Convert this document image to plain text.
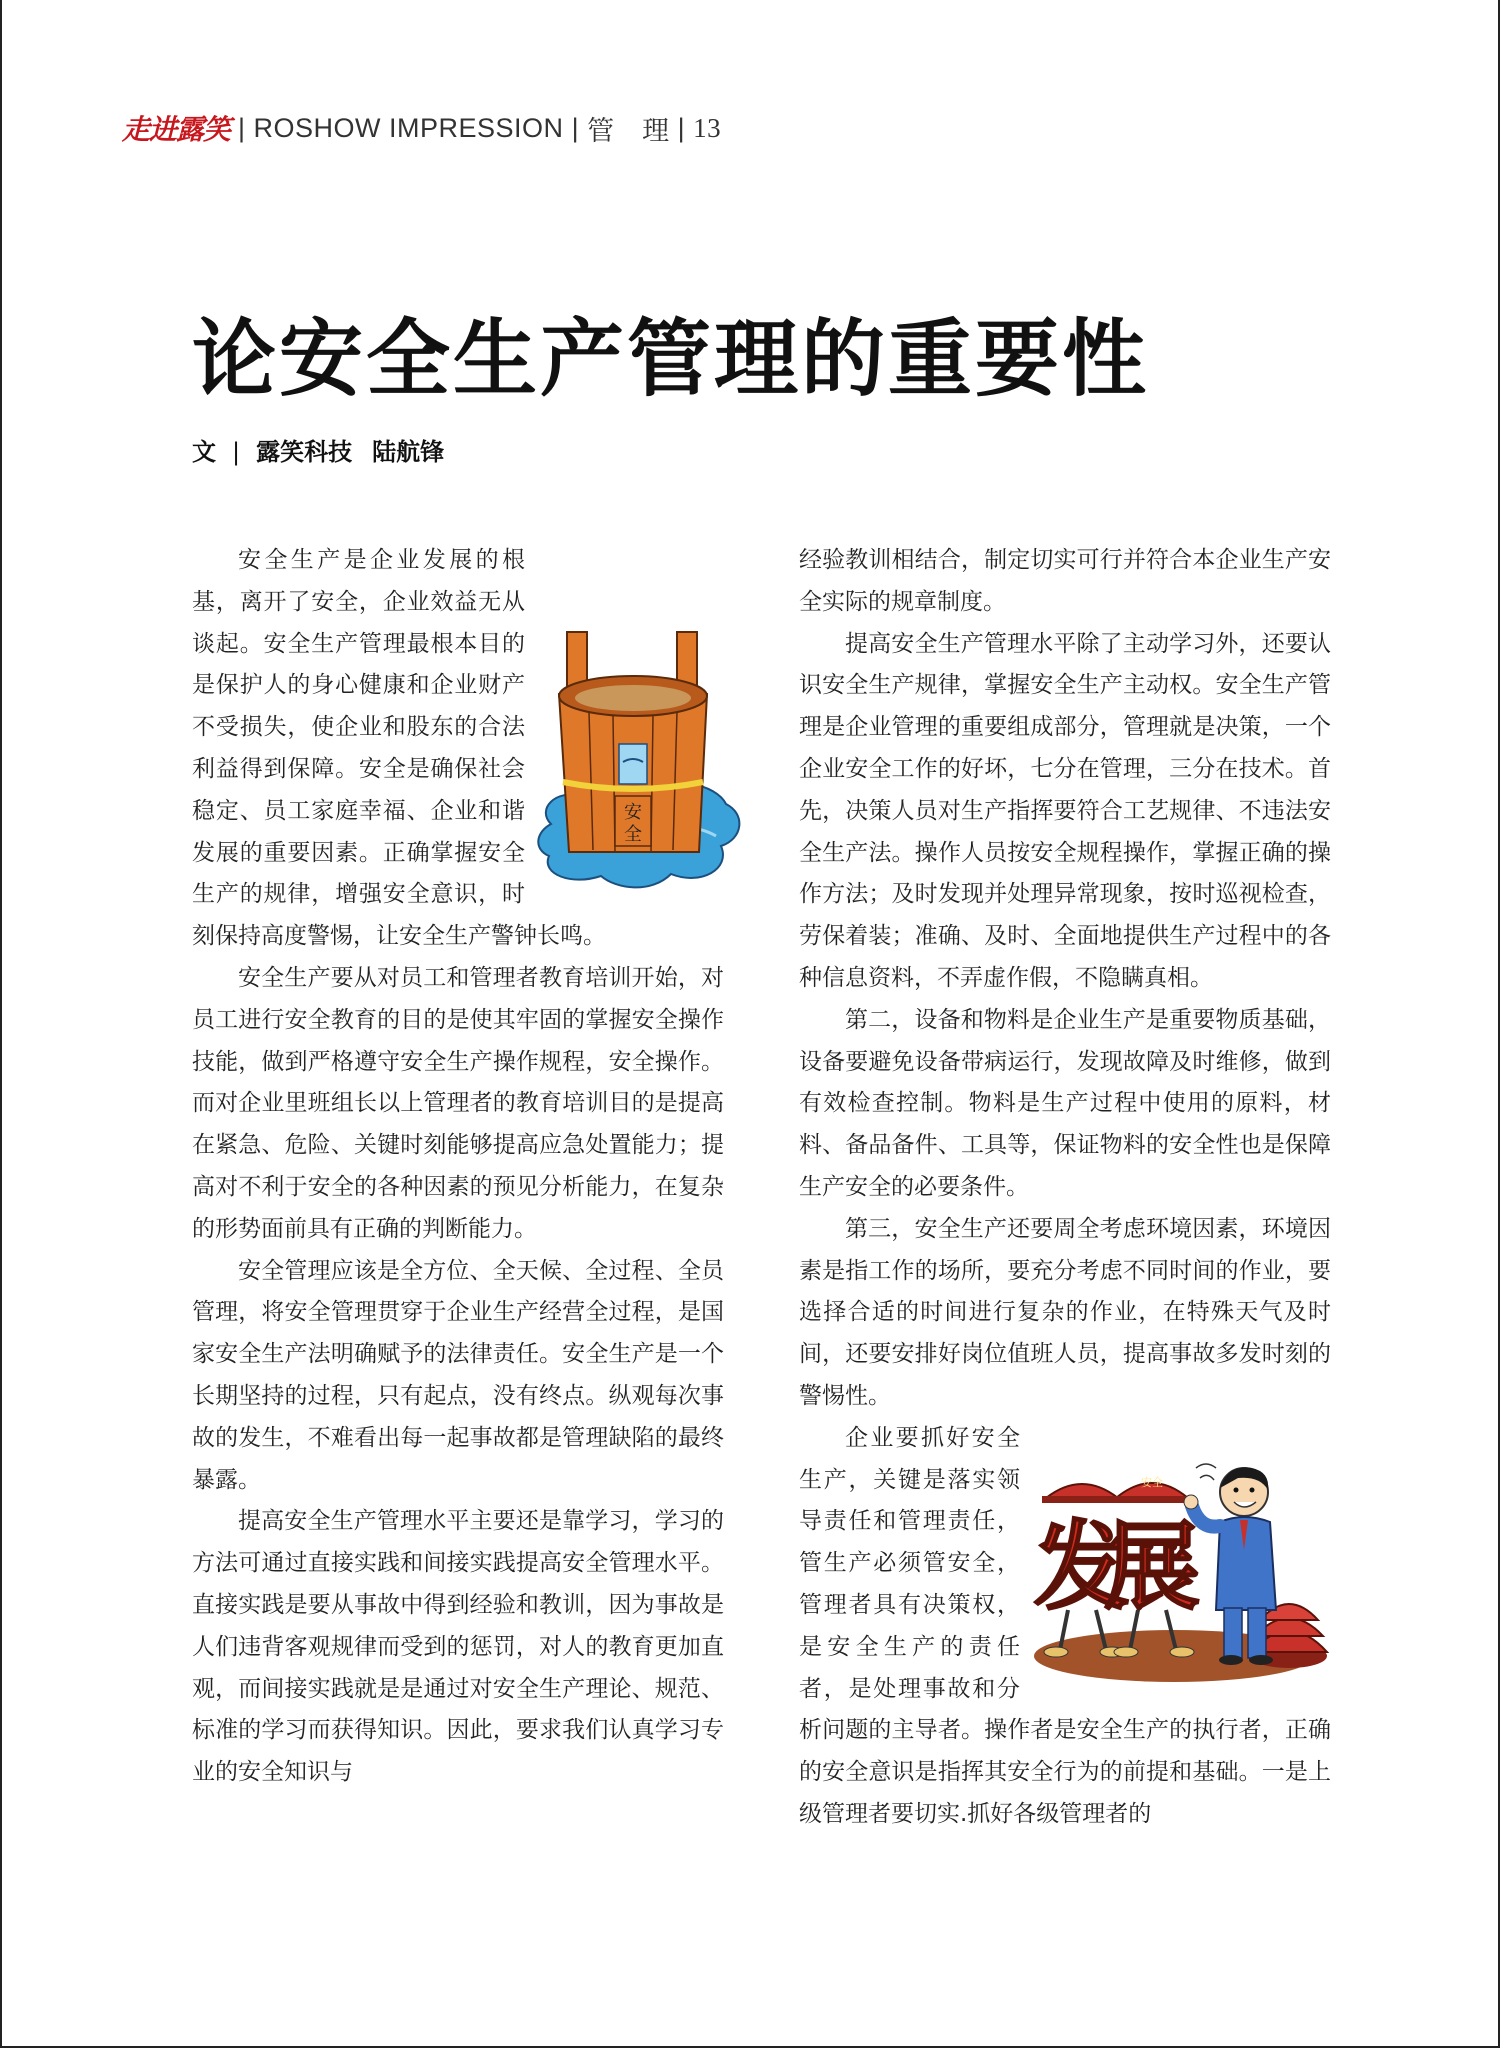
走进露笑 | ROSHOW IMPRESSION | 管　理 | 13
论安全生产管理的重要性
文 | 露笑科技 陆航锋

安
全
安全生产是企业发展的根基，离开了安全，企业效益无从谈起。安全生产管理最根本目的是保护人的身心健康和企业财产不受损失，使企业和股东的合法利益得到保障。安全是确保社会稳定、员工家庭幸福、企业和谐发展的重要因素。正确掌握安全生产的规律，增强安全意识，时刻保持高度警惕，让安全生产警钟长鸣。

安全生产要从对员工和管理者教育培训开始，对员工进行安全教育的目的是使其牢固的掌握安全操作技能，做到严格遵守安全生产操作规程，安全操作。而对企业里班组长以上管理者的教育培训目的是提高在紧急、危险、关键时刻能够提高应急处置能力；提高对不利于安全的各种因素的预见分析能力，在复杂的形势面前具有正确的判断能力。

安全管理应该是全方位、全天候、全过程、全员管理，将安全管理贯穿于企业生产经营全过程，是国家安全生产法明确赋予的法律责任。安全生产是一个长期坚持的过程，只有起点，没有终点。纵观每次事故的发生，不难看出每一起事故都是管理缺陷的最终暴露。

提高安全生产管理水平主要还是靠学习，学习的方法可通过直接实践和间接实践提高安全管理水平。直接实践是要从事故中得到经验和教训，因为事故是人们违背客观规律而受到的惩罚，对人的教育更加直观，而间接实践就是是通过对安全生产理论、规范、标准的学习而获得知识。因此，要求我们认真学习专业的安全知识与

经验教训相结合，制定切实可行并符合本企业生产安全实际的规章制度。

提高安全生产管理水平除了主动学习外，还要认识安全生产规律，掌握安全生产主动权。安全生产管理是企业管理的重要组成部分，管理就是决策，一个企业安全工作的好坏，七分在管理，三分在技术。首先，决策人员对生产指挥要符合工艺规律、不违法安全生产法。操作人员按安全规程操作，掌握正确的操作方法；及时发现并处理异常现象，按时巡视检查，劳保着装；准确、及时、全面地提供生产过程中的各种信息资料，不弄虚作假，不隐瞒真相。

第二，设备和物料是企业生产是重要物质基础，设备要避免设备带病运行，发现故障及时维修，做到有效检查控制。物料是生产过程中使用的原料，材料、备品备件、工具等，保证物料的安全性也是保障生产安全的必要条件。

第三，安全生产还要周全考虑环境因素，环境因素是指工作的场所，要充分考虑不同时间的作业，要选择合适的时间进行复杂的作业，在特殊天气及时间，还要安排好岗位值班人员，提高事故多发时刻的警惕性。

发
安全
展
企业要抓好安全生产，关键是落实领导责任和管理责任，管生产必须管安全，管理者具有决策权，是安全生产的责任者，是处理事故和分析问题的主导者。操作者是安全生产的执行者，正确的安全意识是指挥其安全行为的前提和基础。一是上级管理者要切实.抓好各级管理者的
